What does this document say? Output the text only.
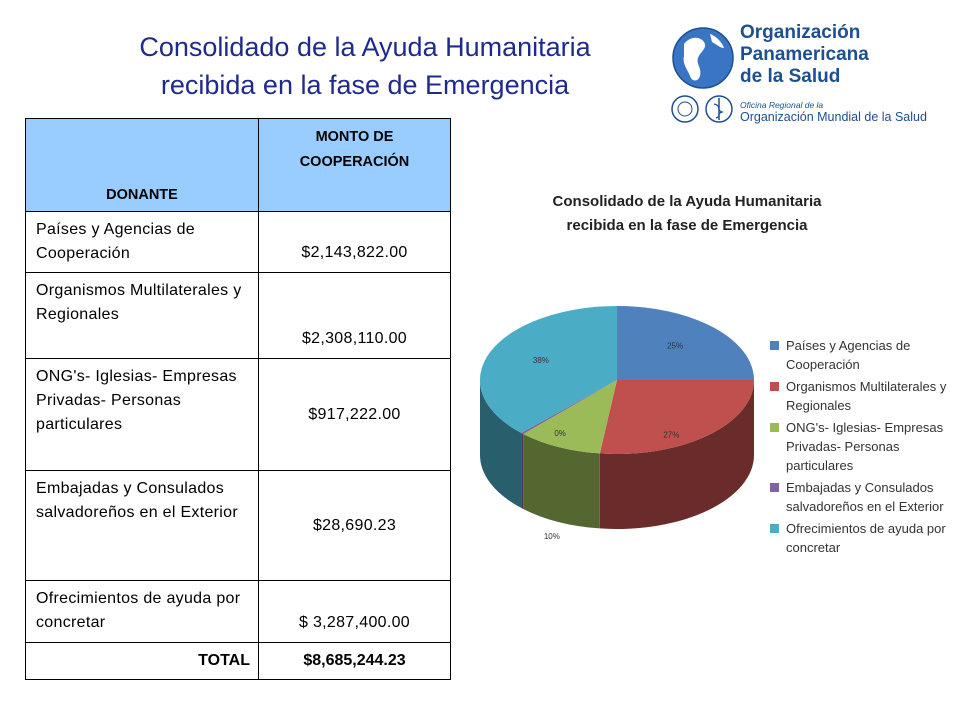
Consolidado de la Ayuda Humanitaria
recibida en la fase de Emergencia
Organización
Panamericana
de la Salud
Oficina Regional de la
Organización Mundial de la Salud
DONANTE	MONTO DE COOPERACIÓN
Países y Agencias de Cooperación	$2,143,822.00
Organismos Multilaterales y Regionales	$2,308,110.00
ONG's- Iglesias- Empresas Privadas- Personas particulares	$917,222.00
Embajadas y Consulados salvadoreños en el Exterior	$28,690.23
Ofrecimientos de ayuda por concretar	$ 3,287,400.00
TOTAL	$8,685,244.23
Consolidado de la Ayuda Humanitaria
recibida en la fase de Emergencia
25%
27%
10%
0%
38%
Países y Agencias de Cooperación
Organismos Multilaterales y Regionales
ONG's- Iglesias- Empresas Privadas- Personas particulares
Embajadas y Consulados salvadoreños en el Exterior
Ofrecimientos de ayuda por concretar
